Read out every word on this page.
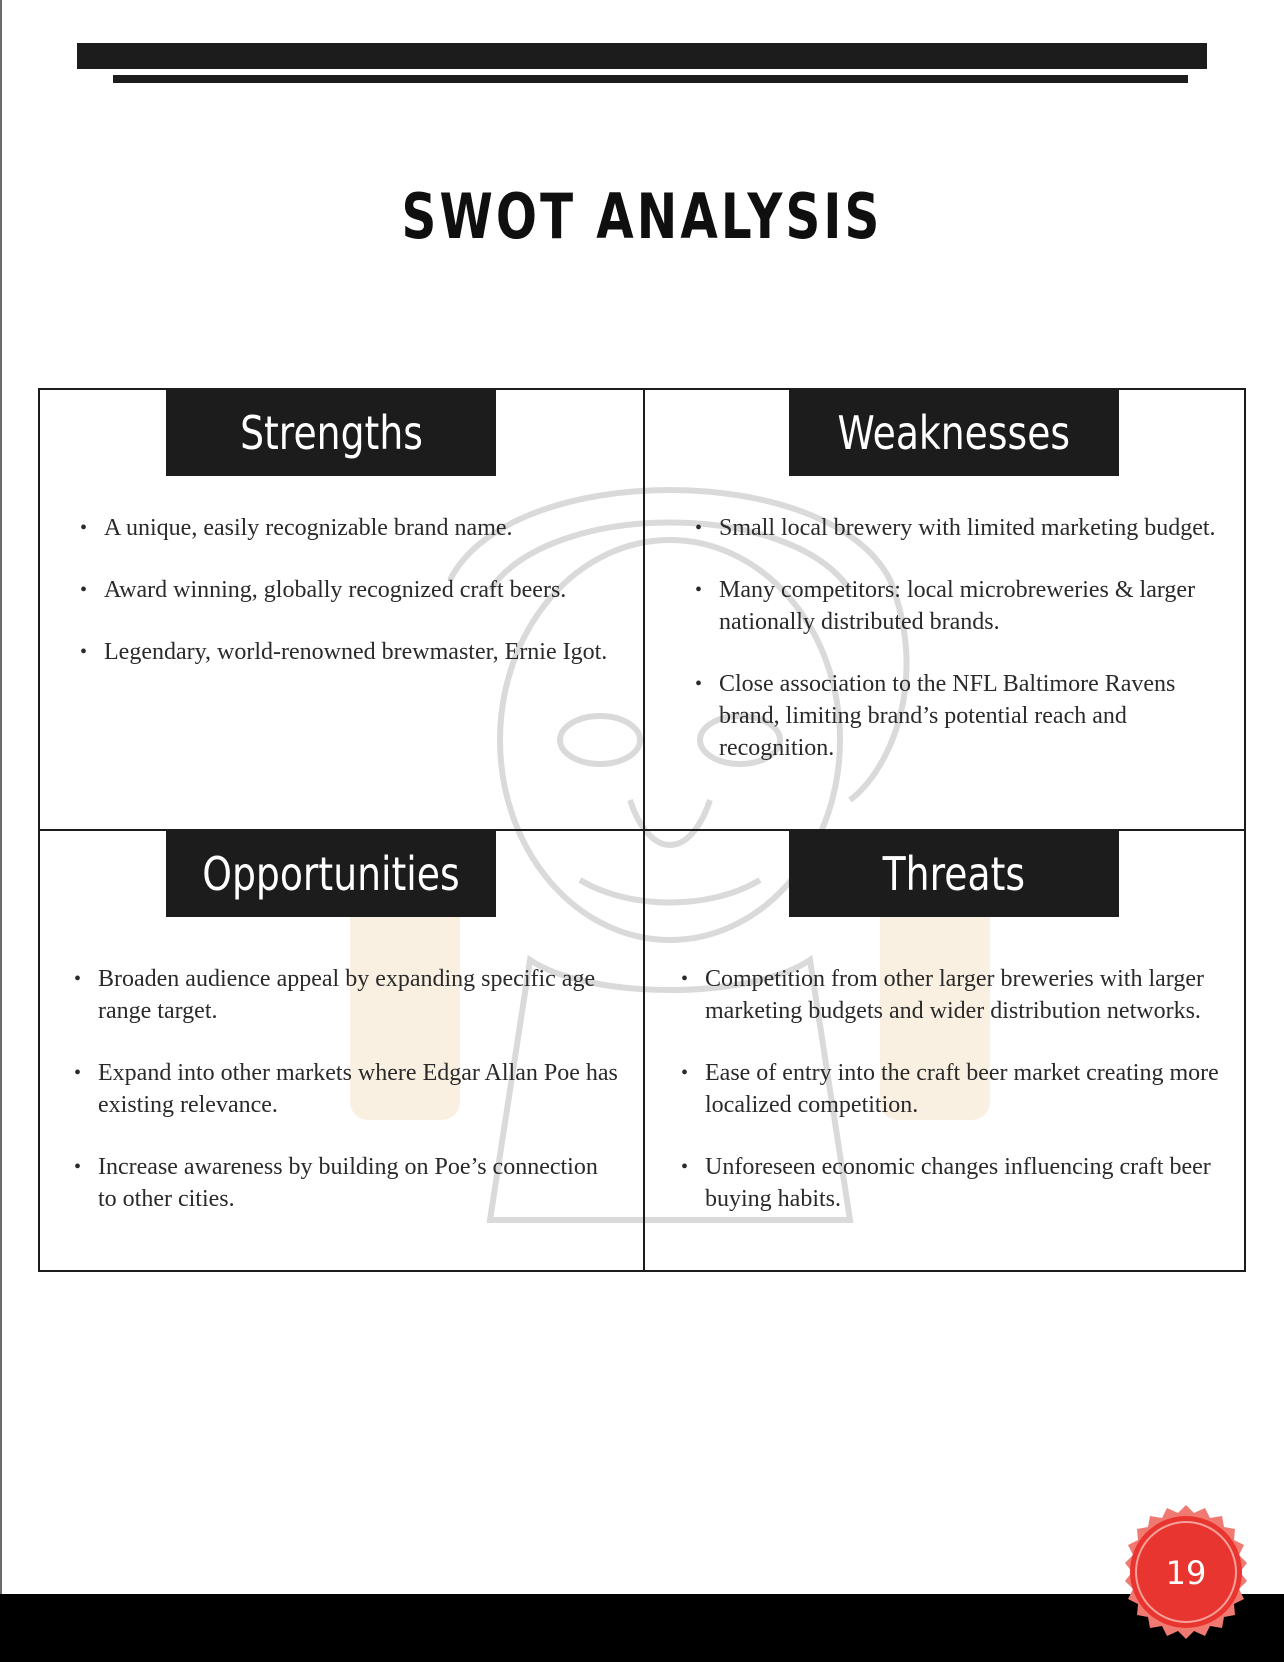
SWOT ANALYSIS
Strengths
• A unique, easily recognizable brand name.
• Award winning, globally recognized craft beers.
• Legendary, world-renowned brewmaster, Ernie Igot.
Weaknesses
• Small local brewery with limited marketing budget.
• Many competitors: local microbreweries & larger nationally distributed brands.
• Close association to the NFL Baltimore Ravens brand, limiting brand’s potential reach and recognition.
Opportunities
• Broaden audience appeal by expanding specific age range target.
• Expand into other markets where Edgar Allan Poe has existing relevance.
• Increase awareness by building on Poe’s connection to other cities.
Threats
• Competition from other larger breweries with larger marketing budgets and wider distribution networks.
• Ease of entry into the craft beer market creating more localized competition.
• Unforeseen economic changes influencing craft beer buying habits.
19
